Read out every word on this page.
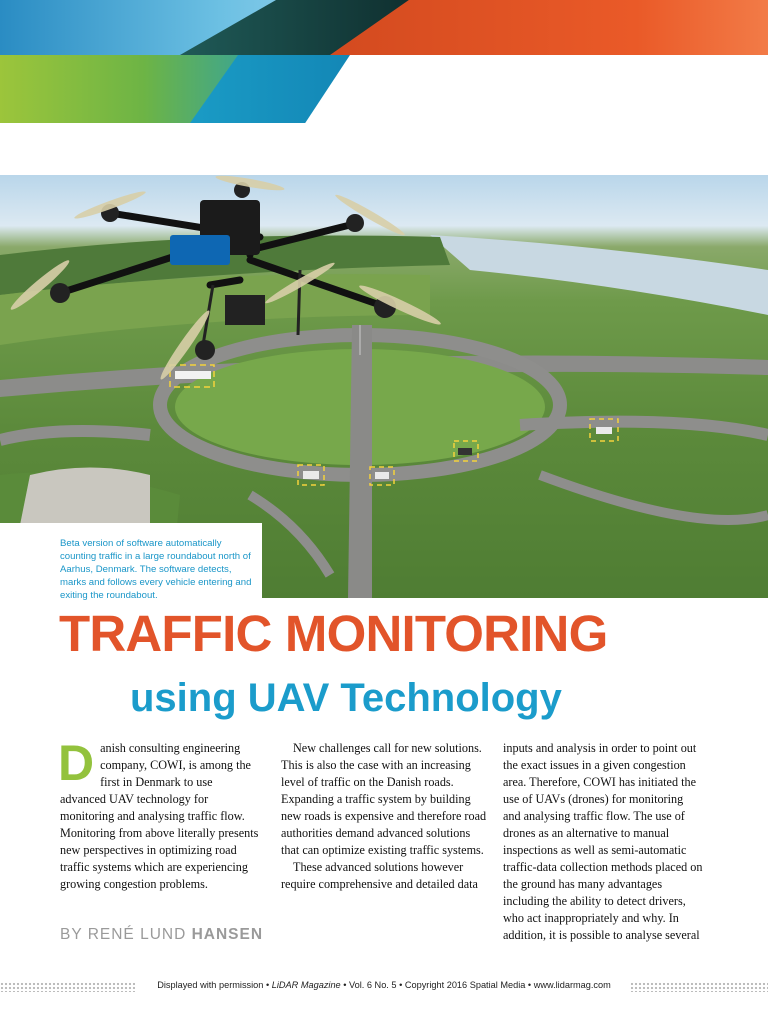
Beta version of software automatically counting traffic in a large roundabout north of Aarhus, Denmark. The software detects, marks and follows every vehicle entering and exiting the roundabout.

TRAFFIC MONITORING
using UAV Technology
D anish consulting engineering company, COWI, is among the first in Denmark to use advanced UAV technology for monitoring and analysing traffic flow. Monitoring from above literally presents new perspectives in optimizing road traffic systems which are experiencing growing congestion problems.

New challenges call for new solutions. This is also the case with an increasing level of traffic on the Danish roads. Expanding a traffic system by building new roads is expensive and therefore road authorities demand advanced solutions that can optimize existing traffic systems.

These advanced solutions however require comprehensive and detailed data

inputs and analysis in order to point out the exact issues in a given congestion area. Therefore, COWI has initiated the use of UAVs (drones) for monitoring and analysing traffic flow. The use of drones as an alternative to manual inspections as well as semi-automatic traffic-data collection methods placed on the ground has many advantages including the ability to detect drivers, who act inappropriately and why. In addition, it is possible to analyse several

BY RENÉ LUND HANSEN

Displayed with permission • LiDAR Magazine • Vol. 6 No. 5 • Copyright 2016 Spatial Media • www.lidarmag.com
